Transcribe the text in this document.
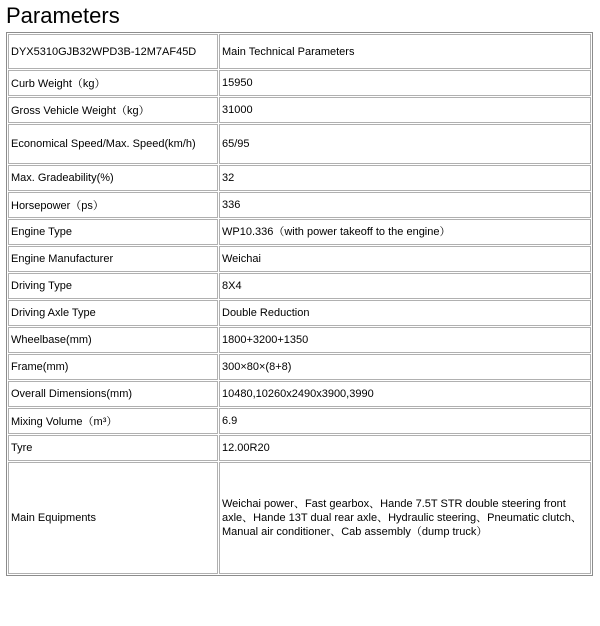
Parameters
DYX5310GJB32WPD3B-12M7AF45D	Main Technical Parameters
Curb Weight（kg）	15950
Gross Vehicle Weight（kg）	31000
Economical Speed/Max. Speed(km/h)	65/95
Max. Gradeability(%)	32
Horsepower（ps）	336
Engine Type	WP10.336（with power takeoff to the engine）
Engine Manufacturer	Weichai
Driving Type	8X4
Driving Axle Type	Double Reduction
Wheelbase(mm)	1800+3200+1350
Frame(mm)	300×80×(8+8)
Overall Dimensions(mm)	10480,10260x2490x3900,3990
Mixing Volume（m³）	6.9
Tyre	12.00R20
Main Equipments	Weichai power、Fast gearbox、Hande 7.5T STR double steering front axle、Hande 13T dual rear axle、Hydraulic steering、Pneumatic clutch、Manual air conditioner、Cab assembly（dump truck）
